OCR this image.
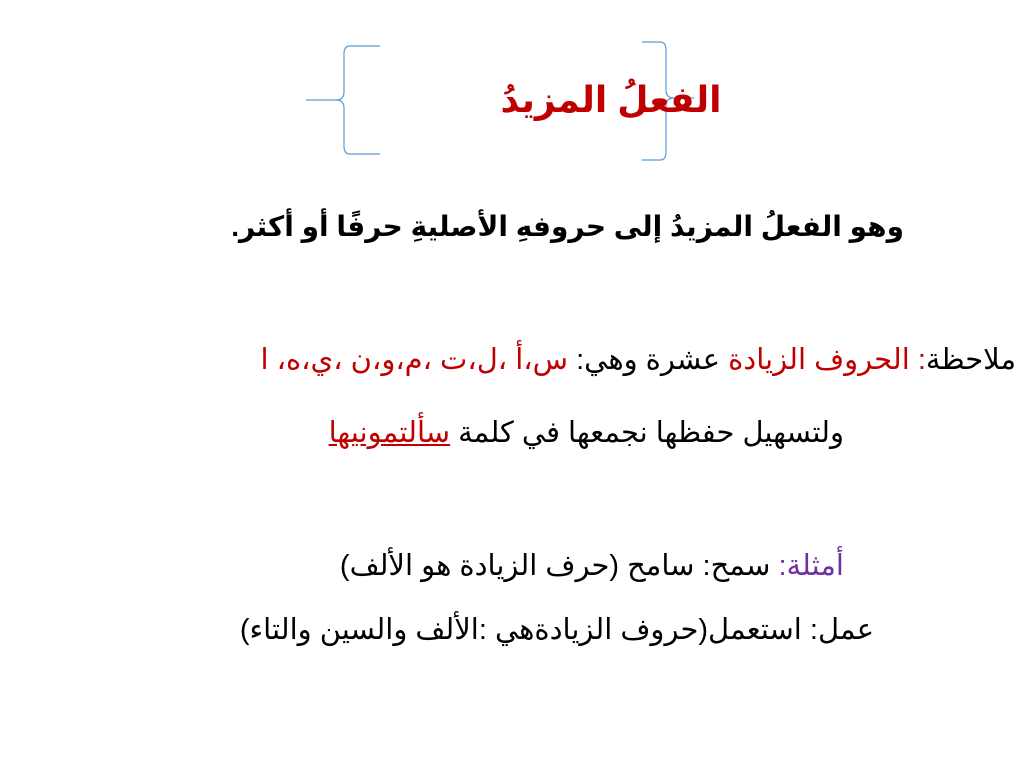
الفعلُ المزيدُ
وهو الفعلُ المزيدُ إلى حروفهِ الأصليةِ حرفًا أو أكثر.
ملاحظة: الحروف الزيادة عشرة وهي: س،أ ،ل،ت ،م،و،ن ،ي،ه، ا
ولتسهيل حفظها نجمعها في كلمة سألتمونيها
أمثلة: سمح: سامح (حرف الزيادة هو الألف)
عمل: استعمل(حروف الزيادةهي :الألف والسين والتاء)
